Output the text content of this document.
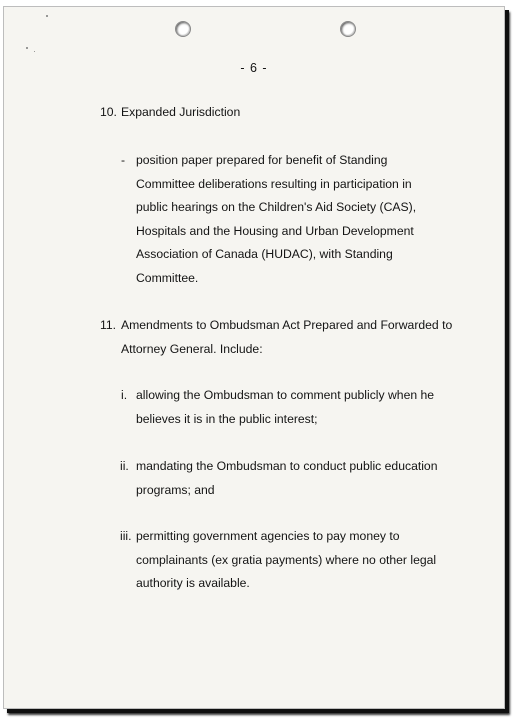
- 6 -
10. Expanded Jurisdiction
- position paper prepared for benefit of Standing
Committee deliberations resulting in participation in
public hearings on the Children's Aid Society (CAS),
Hospitals and the Housing and Urban Development
Association of Canada (HUDAC), with Standing
Committee.
11. Amendments to Ombudsman Act Prepared and Forwarded to
Attorney General. Include:
i. allowing the Ombudsman to comment publicly when he
believes it is in the public interest;
ii. mandating the Ombudsman to conduct public education
programs; and
iii. permitting government agencies to pay money to
complainants (ex gratia payments) where no other legal
authority is available.
